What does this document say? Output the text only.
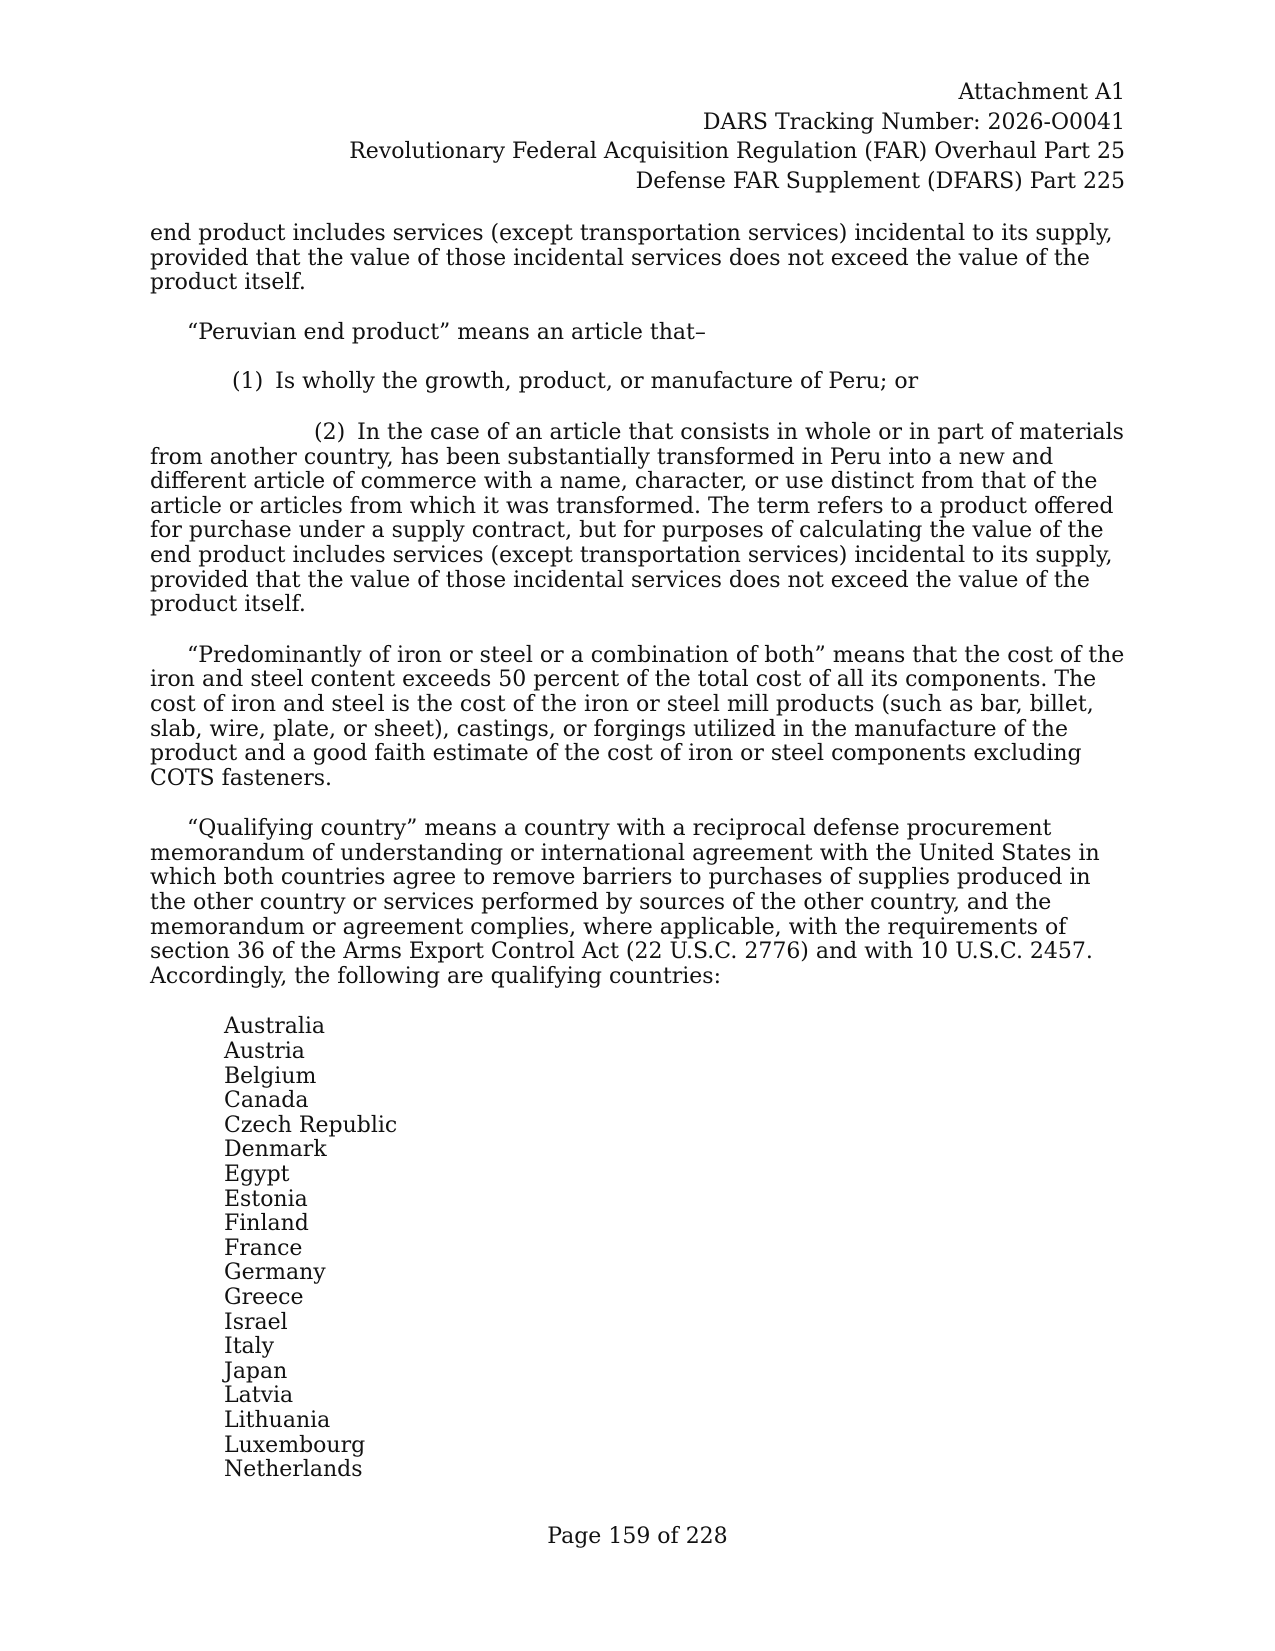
Attachment A1
DARS Tracking Number: 2026-O0041
Revolutionary Federal Acquisition Regulation (FAR) Overhaul Part 25
Defense FAR Supplement (DFARS) Part 225

end product includes services (except transportation services) incidental to its supply, provided that the value of those incidental services does not exceed the value of the product itself.

“Peruvian end product” means an article that–

(1) Is wholly the growth, product, or manufacture of Peru; or

(2) In the case of an article that consists in whole or in part of materials from another country, has been substantially transformed in Peru into a new and different article of commerce with a name, character, or use distinct from that of the article or articles from which it was transformed. The term refers to a product offered for purchase under a supply contract, but for purposes of calculating the value of the end product includes services (except transportation services) incidental to its supply, provided that the value of those incidental services does not exceed the value of the product itself.

“Predominantly of iron or steel or a combination of both” means that the cost of the iron and steel content exceeds 50 percent of the total cost of all its components. The cost of iron and steel is the cost of the iron or steel mill products (such as bar, billet, slab, wire, plate, or sheet), castings, or forgings utilized in the manufacture of the product and a good faith estimate of the cost of iron or steel components excluding COTS fasteners.

“Qualifying country” means a country with a reciprocal defense procurement memorandum of understanding or international agreement with the United States in which both countries agree to remove barriers to purchases of supplies produced in the other country or services performed by sources of the other country, and the memorandum or agreement complies, where applicable, with the requirements of section 36 of the Arms Export Control Act (22 U.S.C. 2776) and with 10 U.S.C. 2457. Accordingly, the following are qualifying countries:

Australia
Austria
Belgium
Canada
Czech Republic
Denmark
Egypt
Estonia
Finland
France
Germany
Greece
Israel
Italy
Japan
Latvia
Lithuania
Luxembourg
Netherlands
Page 159 of 228
